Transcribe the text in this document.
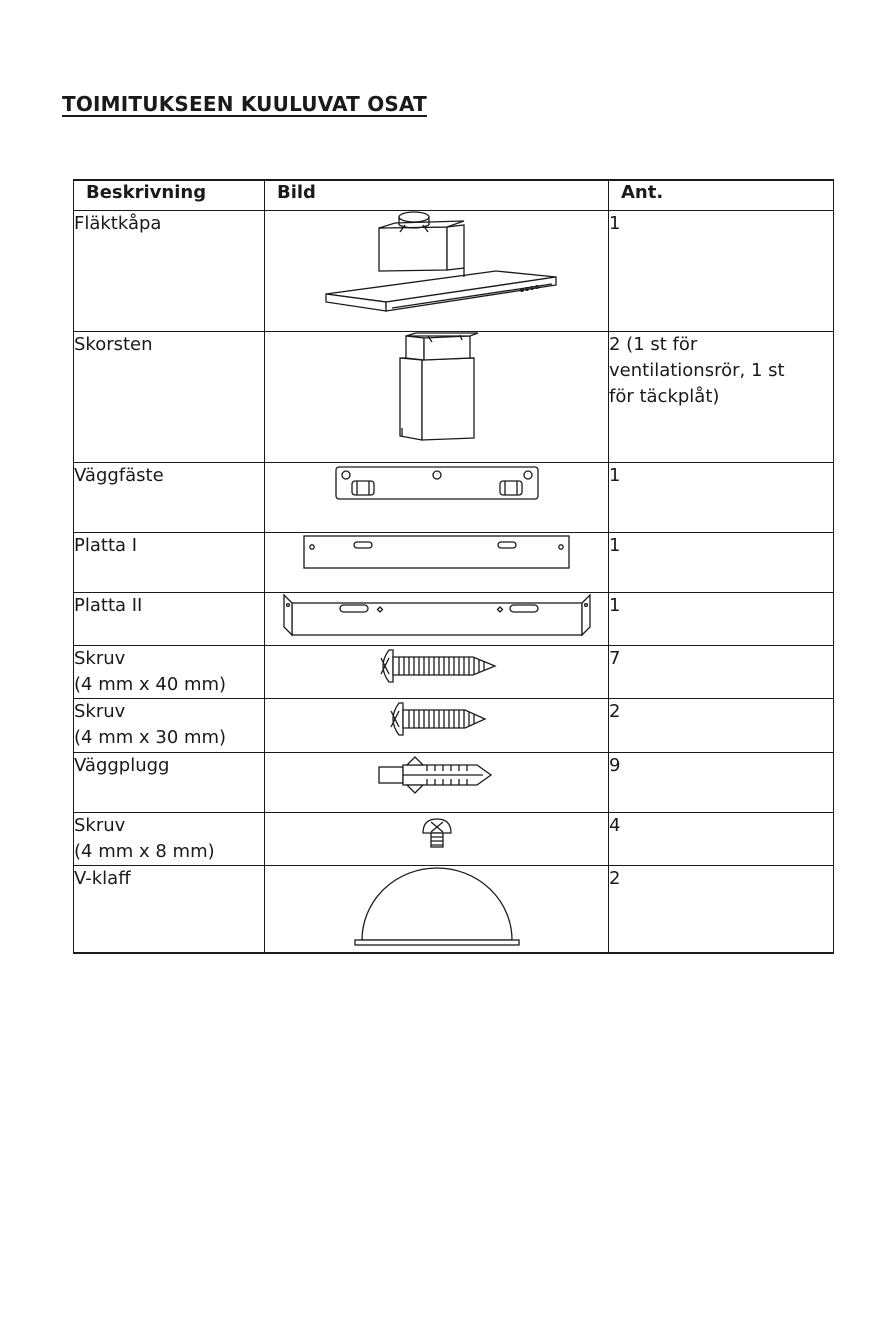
TOIMITUKSEEN KUULUVAT OSAT
Beskrivning	Bild	Ant.

Fläktkåpa		1

Skorsten		2 (1 st för
ventilationsrör, 1 st
för täckplåt)

Väggfäste		1

Platta I		1

Platta II		1

Skruv
(4 mm x 40 mm)		7

Skruv
(4 mm x 30 mm)		2

Väggplugg		9

Skruv
(4 mm x 8 mm)		4

V-klaff		2
